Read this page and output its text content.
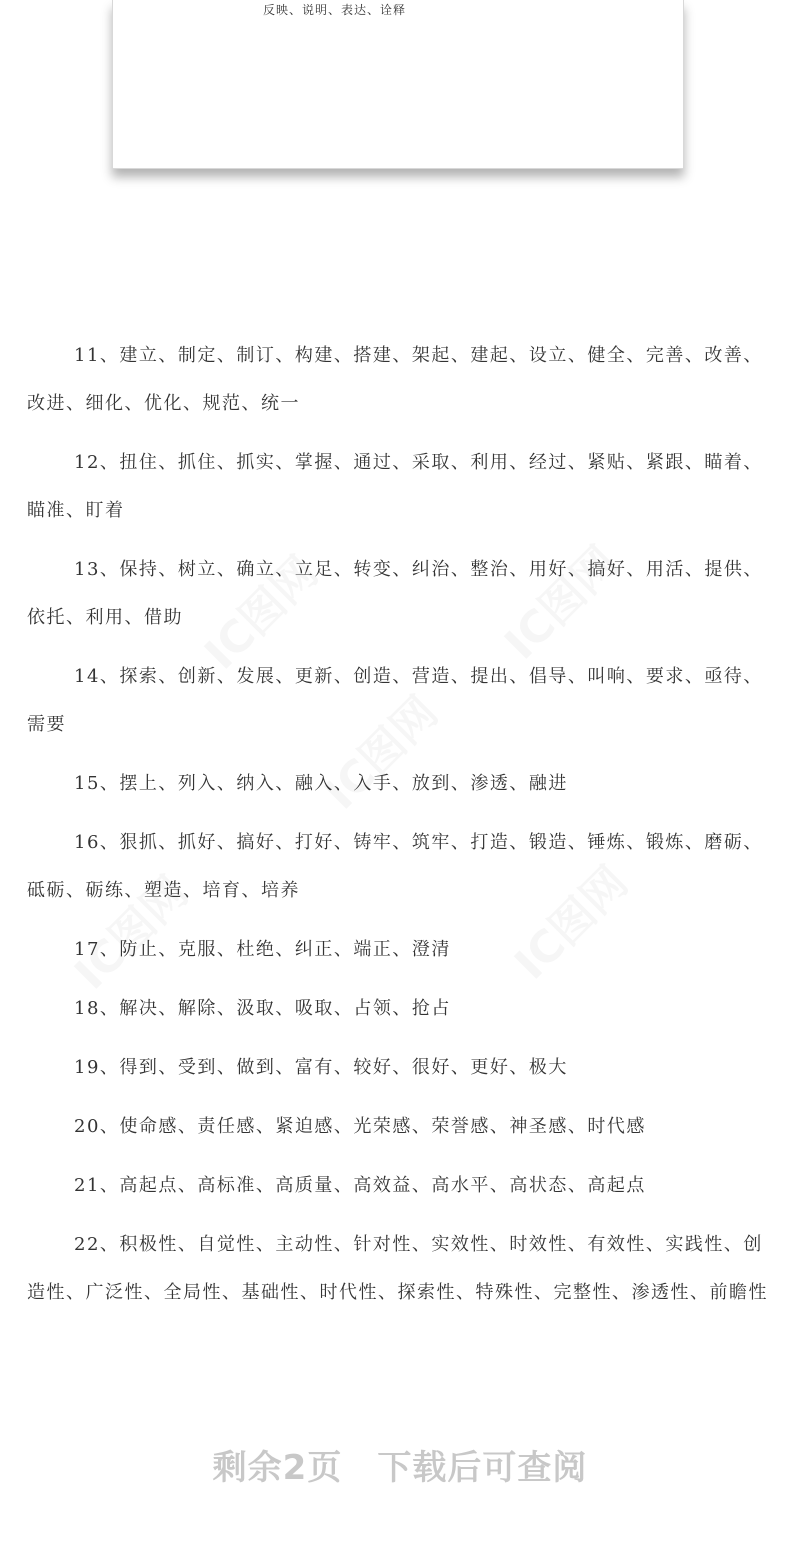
反映、说明、表达、诠释

11、建立、制定、制订、构建、搭建、架起、建起、设立、健全、完善、改善、改进、细化、优化、规范、统一

12、扭住、抓住、抓实、掌握、通过、采取、利用、经过、紧贴、紧跟、瞄着、瞄准、盯着

13、保持、树立、确立、立足、转变、纠治、整治、用好、搞好、用活、提供、依托、利用、借助

14、探索、创新、发展、更新、创造、营造、提出、倡导、叫响、要求、亟待、需要

15、摆上、列入、纳入、融入、入手、放到、渗透、融进

16、狠抓、抓好、搞好、打好、铸牢、筑牢、打造、锻造、锤炼、锻炼、磨砺、砥砺、砺练、塑造、培育、培养

17、防止、克服、杜绝、纠正、端正、澄清

18、解决、解除、汲取、吸取、占领、抢占

19、得到、受到、做到、富有、较好、很好、更好、极大

20、使命感、责任感、紧迫感、光荣感、荣誉感、神圣感、时代感

21、高起点、高标准、高质量、高效益、高水平、高状态、高起点

22、积极性、自觉性、主动性、针对性、实效性、时效性、有效性、实践性、创造性、广泛性、全局性、基础性、时代性、探索性、特殊性、完整性、渗透性、前瞻性

剩余2页　下载后可查阅
